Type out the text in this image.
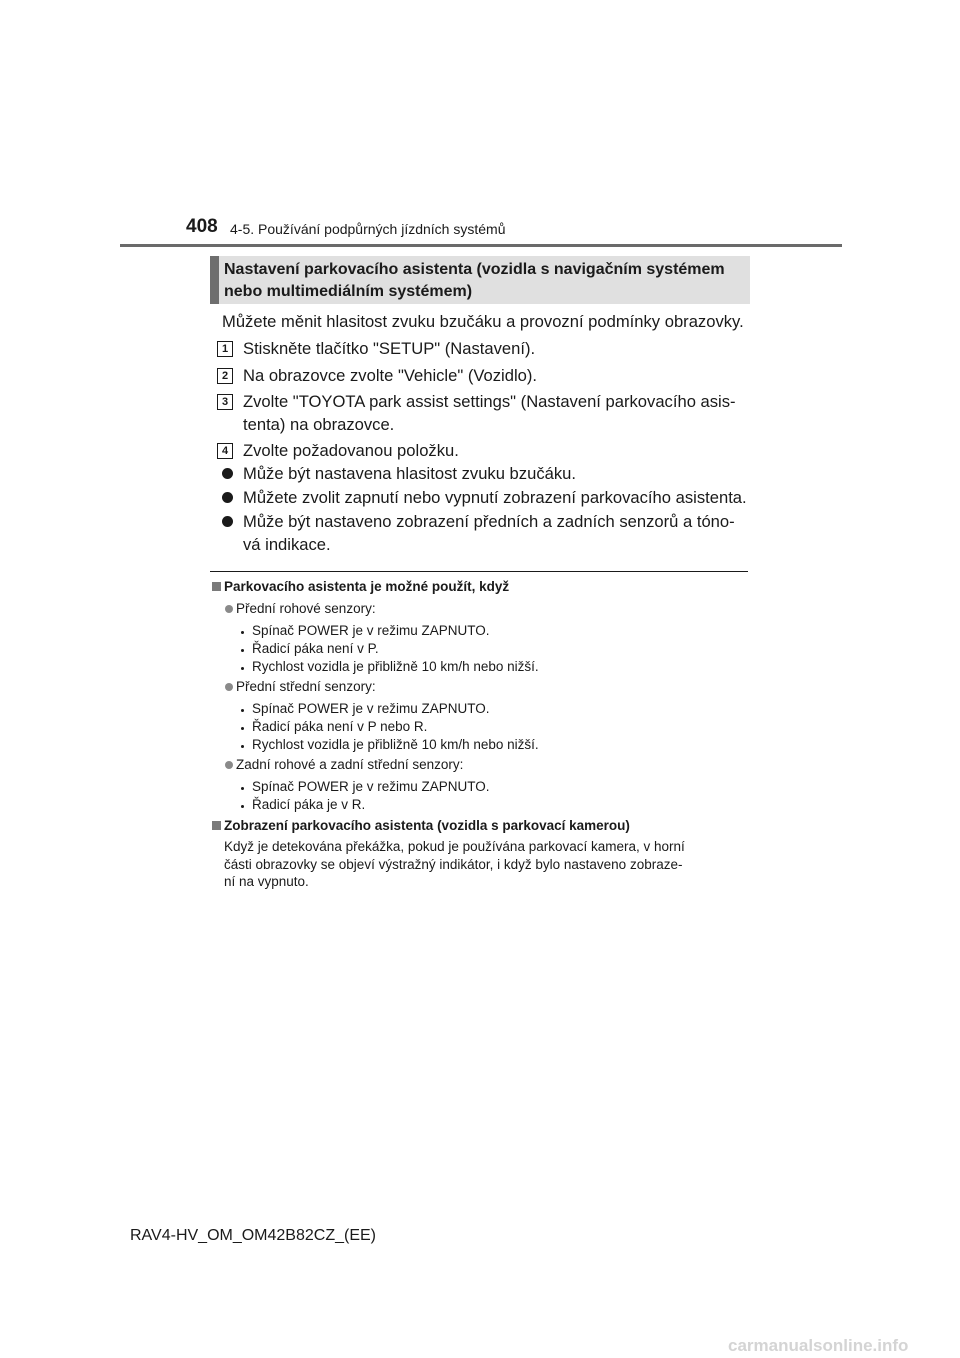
408 4-5. Používání podpůrných jízdních systémů
Nastavení parkovacího asistenta (vozidla s navigačním systémem
nebo multimediálním systémem)
Můžete měnit hlasitost zvuku bzučáku a provozní podmínky obrazovky.
1 Stiskněte tlačítko "SETUP" (Nastavení).
2 Na obrazovce zvolte "Vehicle" (Vozidlo).
3 Zvolte "TOYOTA park assist settings" (Nastavení parkovacího asis-
tenta) na obrazovce.
4 Zvolte požadovanou položku.
Může být nastavena hlasitost zvuku bzučáku.
Můžete zvolit zapnutí nebo vypnutí zobrazení parkovacího asistenta.
Může být nastaveno zobrazení předních a zadních senzorů a tóno-
vá indikace.
Parkovacího asistenta je možné použít, když
Přední rohové senzory:
Spínač POWER je v režimu ZAPNUTO.
Řadicí páka není v P.
Rychlost vozidla je přibližně 10 km/h nebo nižší.
Přední střední senzory:
Spínač POWER je v režimu ZAPNUTO.
Řadicí páka není v P nebo R.
Rychlost vozidla je přibližně 10 km/h nebo nižší.
Zadní rohové a zadní střední senzory:
Spínač POWER je v režimu ZAPNUTO.
Řadicí páka je v R.
Zobrazení parkovacího asistenta (vozidla s parkovací kamerou)
Když je detekována překážka, pokud je používána parkovací kamera, v horní
části obrazovky se objeví výstražný indikátor, i když bylo nastaveno zobraze-
ní na vypnuto.
RAV4-HV_OM_OM42B82CZ_(EE)
carmanualsonline.info
